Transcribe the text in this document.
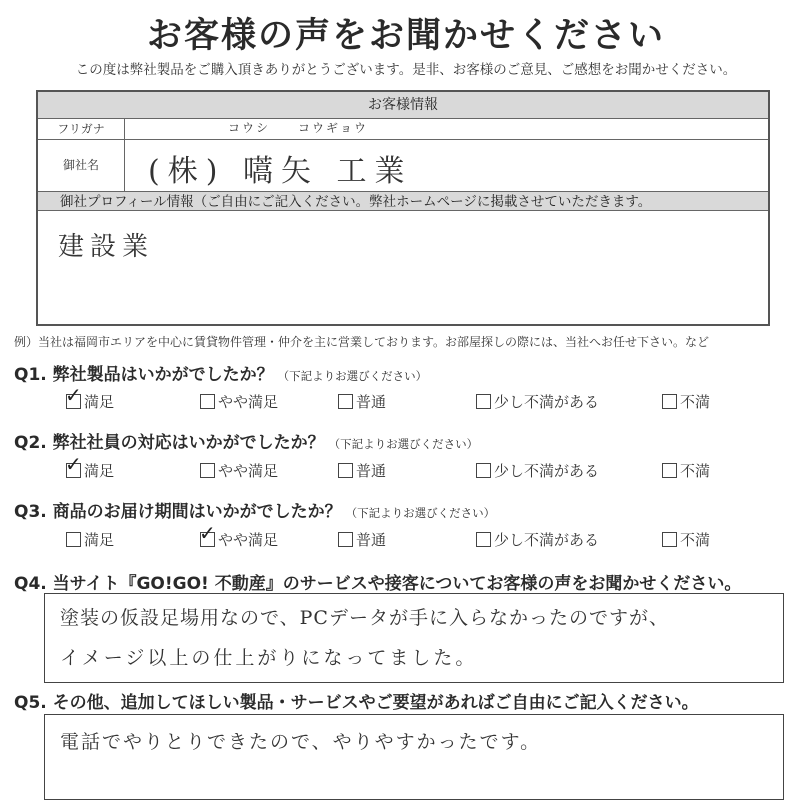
お客様の声をお聞かせください
この度は弊社製品をご購入頂きありがとうございます。是非、お客様のご意見、ご感想をお聞かせください。
お客様情報
フリガナ	コウシ　　コウギョウ
御社名	(株) 嚆矢 工業
御社プロフィール情報（ご自由にご記入ください。弊社ホームページに掲載させていただきます。
建設業
例）当社は福岡市エリアを中心に賃貸物件管理・仲介を主に営業しております。お部屋探しの際には、当社へお任せ下さい。など
Q1. 弊社製品はいかがでしたか？ （下記よりお選びください）
✓ 満足	やや満足	普通	少し不満がある	不満
Q2. 弊社社員の対応はいかがでしたか？ （下記よりお選びください）
✓ 満足	やや満足	普通	少し不満がある	不満
Q3. 商品のお届け期間はいかがでしたか？ （下記よりお選びください）
満足	✓ やや満足	普通	少し不満がある	不満
Q4. 当サイト『GO!GO! 不動産』のサービスや接客についてお客様の声をお聞かせください。
塗装の仮設足場用なので、PCデータが手に入らなかったのですが、
イメージ以上の仕上がりになってました。
Q5. その他、追加してほしい製品・サービスやご要望があればご自由にご記入ください。
電話でやりとりできたので、やりやすかったです。
